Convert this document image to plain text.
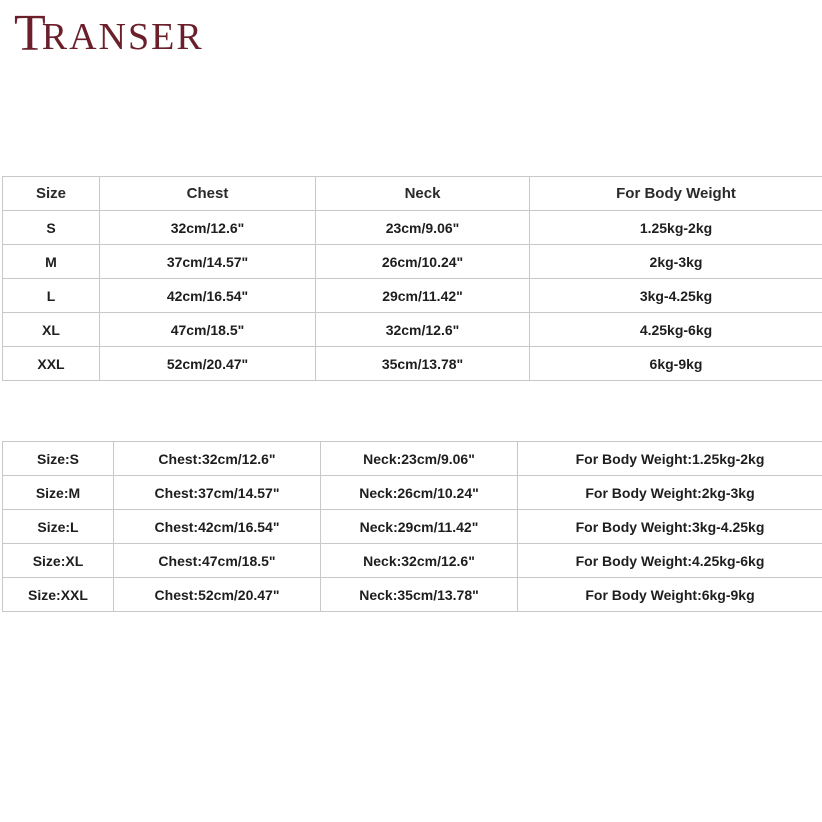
T
RANSER
Size	Chest	Neck	For Body Weight
S	32cm/12.6"	23cm/9.06"	1.25kg-2kg
M	37cm/14.57"	26cm/10.24"	2kg-3kg
L	42cm/16.54"	29cm/11.42"	3kg-4.25kg
XL	47cm/18.5"	32cm/12.6"	4.25kg-6kg
XXL	52cm/20.47"	35cm/13.78"	6kg-9kg
Size:S	Chest:32cm/12.6"	Neck:23cm/9.06"	For Body Weight:1.25kg-2kg
Size:M	Chest:37cm/14.57"	Neck:26cm/10.24"	For Body Weight:2kg-3kg
Size:L	Chest:42cm/16.54"	Neck:29cm/11.42"	For Body Weight:3kg-4.25kg
Size:XL	Chest:47cm/18.5"	Neck:32cm/12.6"	For Body Weight:4.25kg-6kg
Size:XXL	Chest:52cm/20.47"	Neck:35cm/13.78"	For Body Weight:6kg-9kg
